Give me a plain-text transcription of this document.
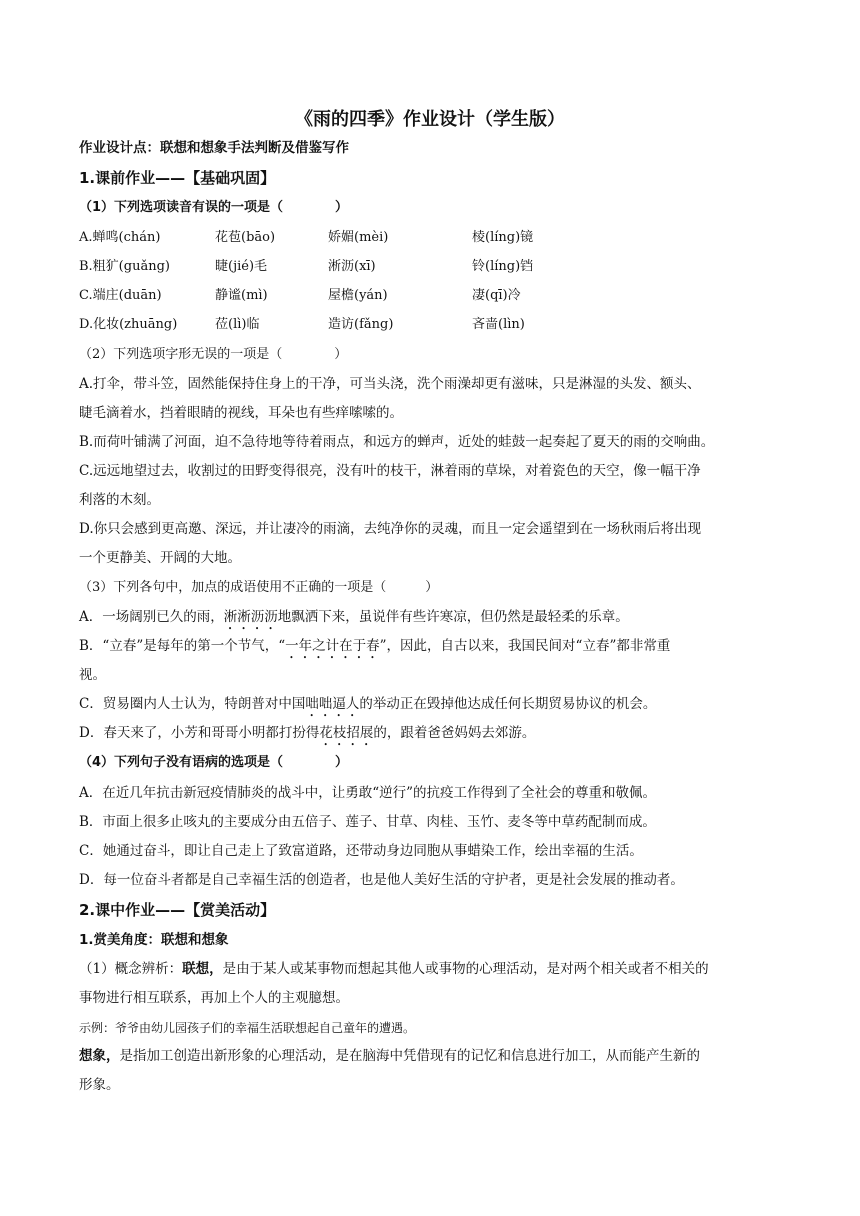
《雨的四季》作业设计（学生版）
作业设计点：联想和想象手法判断及借鉴写作
1.课前作业——【基础巩固】
（1）下列选项读音有误的一项是（　　　　）
A.蝉鸣(chán)	花苞(bāo)	娇媚(mèi)	棱(líng)镜
B.粗犷(guǎng)	睫(jié)毛	淅沥(xī)	铃(líng)铛
C.端庄(duān)	静谧(mì)	屋檐(yán)	凄(qī)冷
D.化妆(zhuāng)	莅(lì)临	造访(fǎng)	吝啬(lìn)
（2）下列选项字形无误的一项是（　　　　）
A.打伞，带斗笠，固然能保持住身上的干净，可当头浇，洗个雨澡却更有滋味，只是淋湿的头发、额头、
睫毛滴着水，挡着眼睛的视线，耳朵也有些痒嗦嗦的。
B.而荷叶铺满了河面，迫不急待地等待着雨点，和远方的蝉声，近处的蛙鼓一起奏起了夏天的雨的交响曲。
C.远远地望过去，收割过的田野变得很亮，没有叶的枝干，淋着雨的草垛，对着瓷色的天空，像一幅干净
利落的木刻。
D.你只会感到更高邀、深远，并让凄冷的雨滴，去纯净你的灵魂，而且一定会遥望到在一场秋雨后将出现
一个更静美、开阔的大地。
（3）下列各句中，加点的成语使用不正确的一项是（　　　）
A．一场阔别已久的雨，淅淅沥沥地飘洒下来，虽说伴有些许寒凉，但仍然是最轻柔的乐章。
B．“立春”是每年的第一个节气，“一年之计在于春”，因此，自古以来，我国民间对“立春”都非常重
视。
C．贸易圈内人士认为，特朗普对中国咄咄逼人的举动正在毁掉他达成任何长期贸易协议的机会。
D．春天来了，小芳和哥哥小明都打扮得花枝招展的，跟着爸爸妈妈去郊游。
（4）下列句子没有语病的选项是（　　　　）
A．在近几年抗击新冠疫情肺炎的战斗中，让勇敢“逆行”的抗疫工作得到了全社会的尊重和敬佩。
B．市面上很多止咳丸的主要成分由五倍子、莲子、甘草、肉桂、玉竹、麦冬等中草药配制而成。
C．她通过奋斗，即让自己走上了致富道路，还带动身边同胞从事蜡染工作，绘出幸福的生活。
D．每一位奋斗者都是自己幸福生活的创造者，也是他人美好生活的守护者，更是社会发展的推动者。
2.课中作业——【赏美活动】
1.赏美角度：联想和想象
（1）概念辨析：联想，是由于某人或某事物而想起其他人或事物的心理活动，是对两个相关或者不相关的
事物进行相互联系，再加上个人的主观臆想。
示例：爷爷由幼儿园孩子们的幸福生活联想起自己童年的遭遇。
想象，是指加工创造出新形象的心理活动，是在脑海中凭借现有的记忆和信息进行加工，从而能产生新的
形象。
